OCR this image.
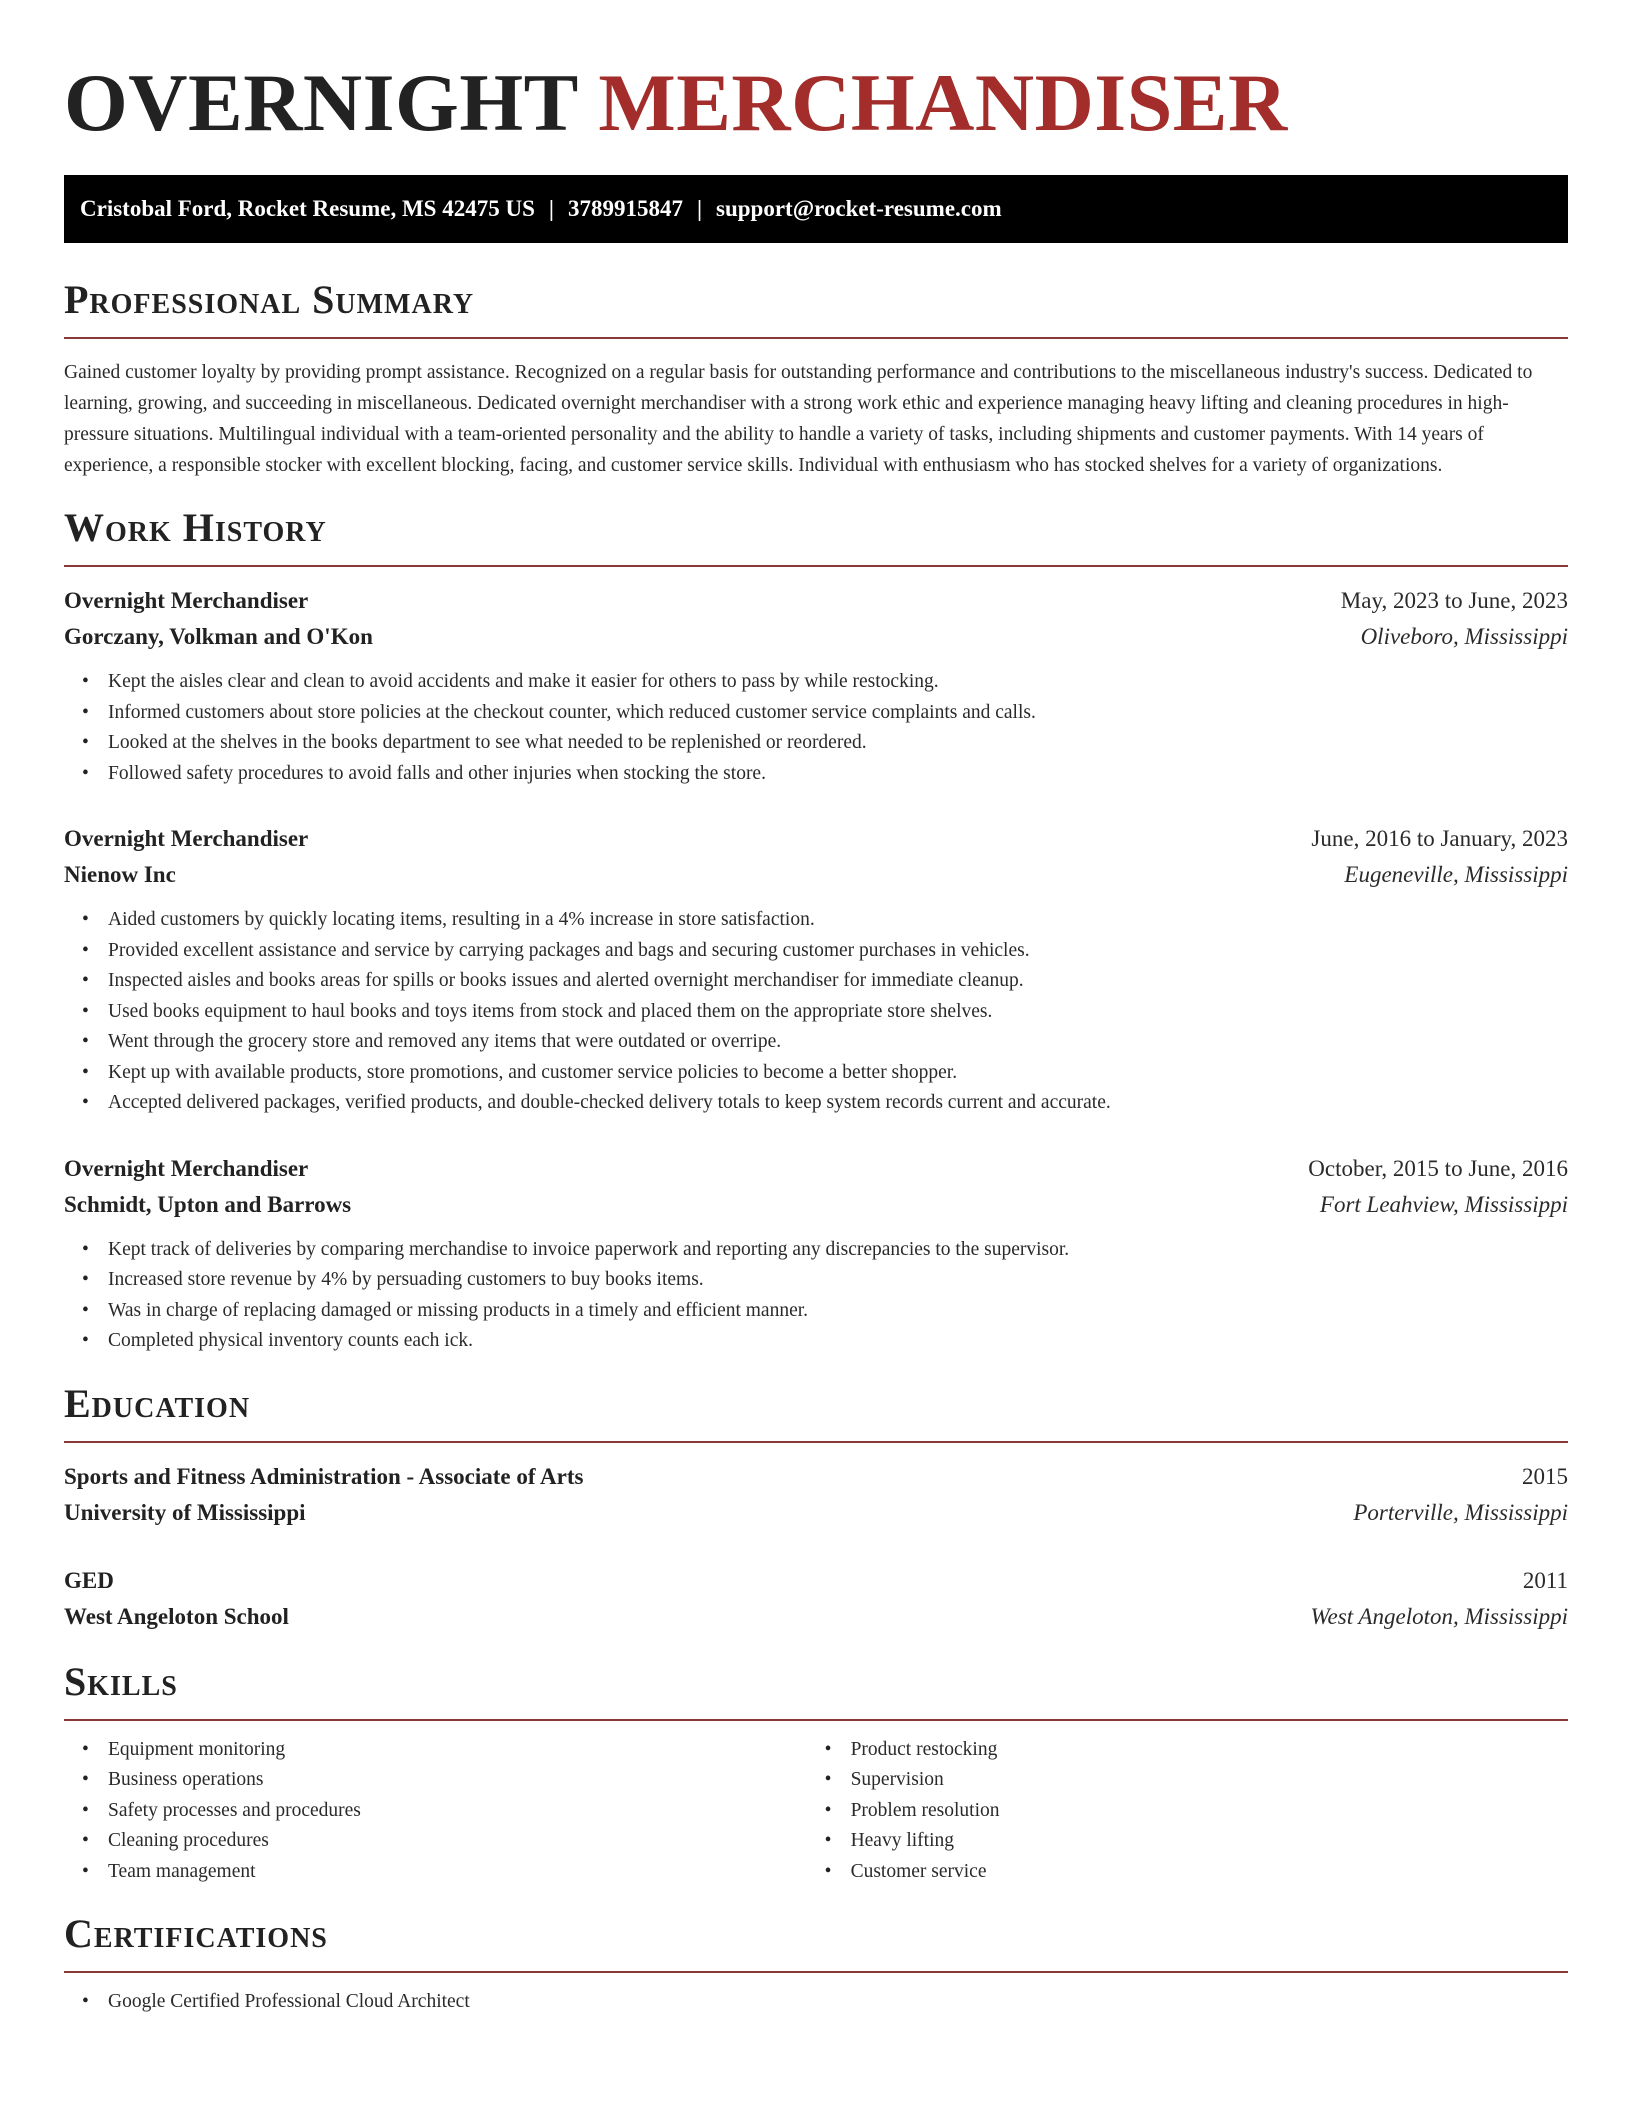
OVERNIGHT MERCHANDISER
Cristobal Ford, Rocket Resume, MS 42475 US | 3789915847 | support@rocket-resume.com
Professional Summary

Gained customer loyalty by providing prompt assistance. Recognized on a regular basis for outstanding performance and contributions to the miscellaneous industry's success. Dedicated to learning, growing, and succeeding in miscellaneous. Dedicated overnight merchandiser with a strong work ethic and experience managing heavy lifting and cleaning procedures in high-pressure situations. Multilingual individual with a team-oriented personality and the ability to handle a variety of tasks, including shipments and customer payments. With 14 years of experience, a responsible stocker with excellent blocking, facing, and customer service skills. Individual with enthusiasm who has stocked shelves for a variety of organizations.

Work History
Overnight Merchandiser	May, 2023 to June, 2023
Gorczany, Volkman and O'Kon	Oliveboro, Mississippi
• Kept the aisles clear and clean to avoid accidents and make it easier for others to pass by while restocking.
• Informed customers about store policies at the checkout counter, which reduced customer service complaints and calls.
• Looked at the shelves in the books department to see what needed to be replenished or reordered.
• Followed safety procedures to avoid falls and other injuries when stocking the store.
Overnight Merchandiser	June, 2016 to January, 2023
Nienow Inc	Eugeneville, Mississippi
• Aided customers by quickly locating items, resulting in a 4% increase in store satisfaction.
• Provided excellent assistance and service by carrying packages and bags and securing customer purchases in vehicles.
• Inspected aisles and books areas for spills or books issues and alerted overnight merchandiser for immediate cleanup.
• Used books equipment to haul books and toys items from stock and placed them on the appropriate store shelves.
• Went through the grocery store and removed any items that were outdated or overripe.
• Kept up with available products, store promotions, and customer service policies to become a better shopper.
• Accepted delivered packages, verified products, and double-checked delivery totals to keep system records current and accurate.
Overnight Merchandiser	October, 2015 to June, 2016
Schmidt, Upton and Barrows	Fort Leahview, Mississippi
• Kept track of deliveries by comparing merchandise to invoice paperwork and reporting any discrepancies to the supervisor.
• Increased store revenue by 4% by persuading customers to buy books items.
• Was in charge of replacing damaged or missing products in a timely and efficient manner.
• Completed physical inventory counts each ick.
Education
Sports and Fitness Administration - Associate of Arts	2015
University of Mississippi	Porterville, Mississippi
GED	2011
West Angeloton School	West Angeloton, Mississippi
Skills
• Equipment monitoring
• Business operations
• Safety processes and procedures
• Cleaning procedures
• Team management
• Product restocking
• Supervision
• Problem resolution
• Heavy lifting
• Customer service
Certifications
• Google Certified Professional Cloud Architect
